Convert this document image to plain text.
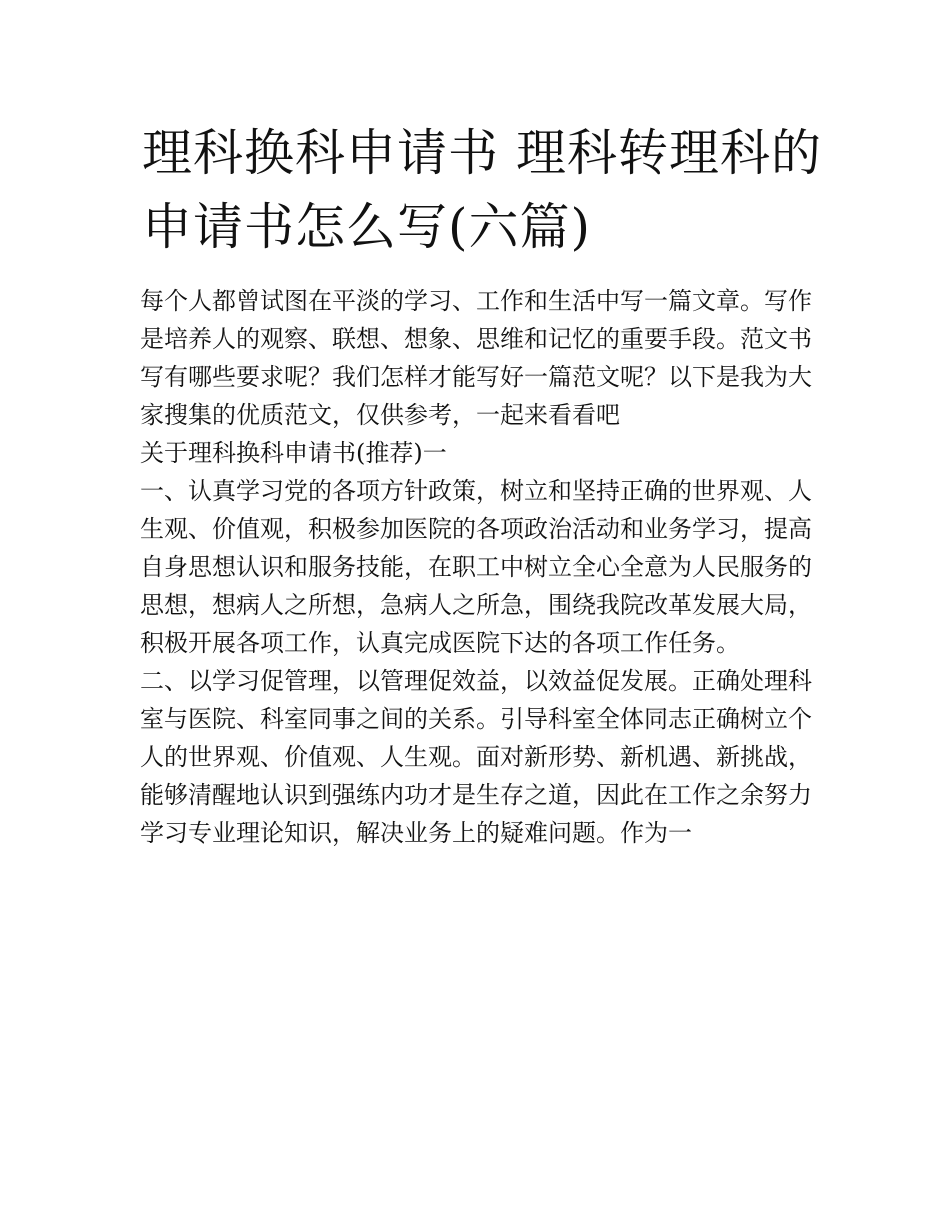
理科换科申请书 理科转理科的申请书怎么写(六篇)

每个人都曾试图在平淡的学习、工作和生活中写一篇文章。写作是培养人的观察、联想、想象、思维和记忆的重要手段。范文书写有哪些要求呢？我们怎样才能写好一篇范文呢？以下是我为大家搜集的优质范文，仅供参考，一起来看看吧

关于理科换科申请书(推荐)一

一、认真学习党的各项方针政策，树立和坚持正确的世界观、人生观、价值观，积极参加医院的各项政治活动和业务学习，提高自身思想认识和服务技能，在职工中树立全心全意为人民服务的思想，想病人之所想，急病人之所急，围绕我院改革发展大局，积极开展各项工作，认真完成医院下达的各项工作任务。

二、以学习促管理，以管理促效益，以效益促发展。正确处理科室与医院、科室同事之间的关系。引导科室全体同志正确树立个人的世界观、价值观、人生观。面对新形势、新机遇、新挑战，能够清醒地认识到强练内功才是生存之道，因此在工作之余努力学习专业理论知识，解决业务上的疑难问题。作为一
